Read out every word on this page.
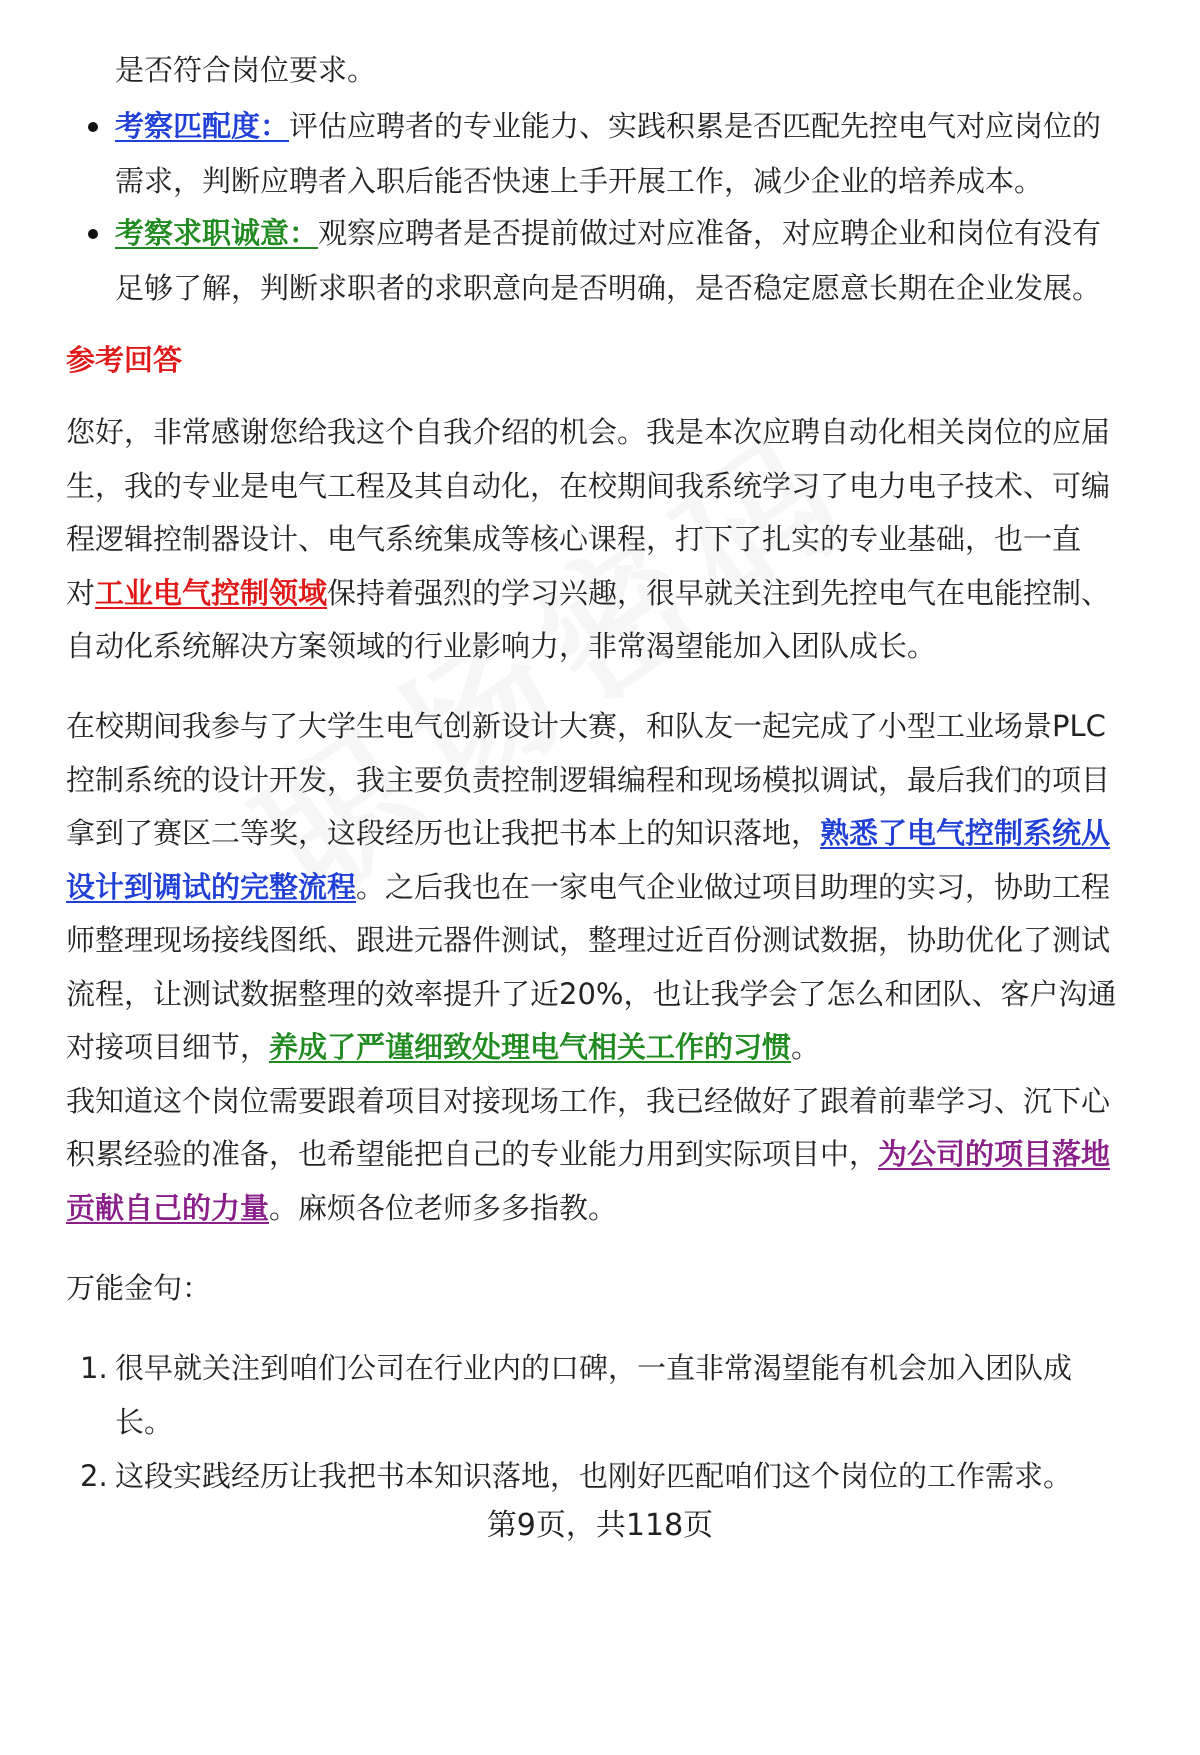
是否符合岗位要求。
考察匹配度：评估应聘者的专业能力、实践积累是否匹配先控电气对应岗位的
需求，判断应聘者入职后能否快速上手开展工作，减少企业的培养成本。
考察求职诚意：观察应聘者是否提前做过对应准备，对应聘企业和岗位有没有
足够了解，判断求职者的求职意向是否明确，是否稳定愿意长期在企业发展。
参考回答
您好，非常感谢您给我这个自我介绍的机会。我是本次应聘自动化相关岗位的应届
生，我的专业是电气工程及其自动化，在校期间我系统学习了电力电子技术、可编
程逻辑控制器设计、电气系统集成等核心课程，打下了扎实的专业基础，也一直
对工业电气控制领域保持着强烈的学习兴趣，很早就关注到先控电气在电能控制、
自动化系统解决方案领域的行业影响力，非常渴望能加入团队成长。
在校期间我参与了大学生电气创新设计大赛，和队友一起完成了小型工业场景PLC
控制系统的设计开发，我主要负责控制逻辑编程和现场模拟调试，最后我们的项目
拿到了赛区二等奖，这段经历也让我把书本上的知识落地，熟悉了电气控制系统从
设计到调试的完整流程。之后我也在一家电气企业做过项目助理的实习，协助工程
师整理现场接线图纸、跟进元器件测试，整理过近百份测试数据，协助优化了测试
流程，让测试数据整理的效率提升了近20%，也让我学会了怎么和团队、客户沟通
对接项目细节，养成了严谨细致处理电气相关工作的习惯。
我知道这个岗位需要跟着项目对接现场工作，我已经做好了跟着前辈学习、沉下心
积累经验的准备，也希望能把自己的专业能力用到实际项目中，为公司的项目落地
贡献自己的力量。麻烦各位老师多多指教。
万能金句：
1. 很早就关注到咱们公司在行业内的口碑，一直非常渴望能有机会加入团队成
长。
2. 这段实践经历让我把书本知识落地，也刚好匹配咱们这个岗位的工作需求。
第9页，共118页
